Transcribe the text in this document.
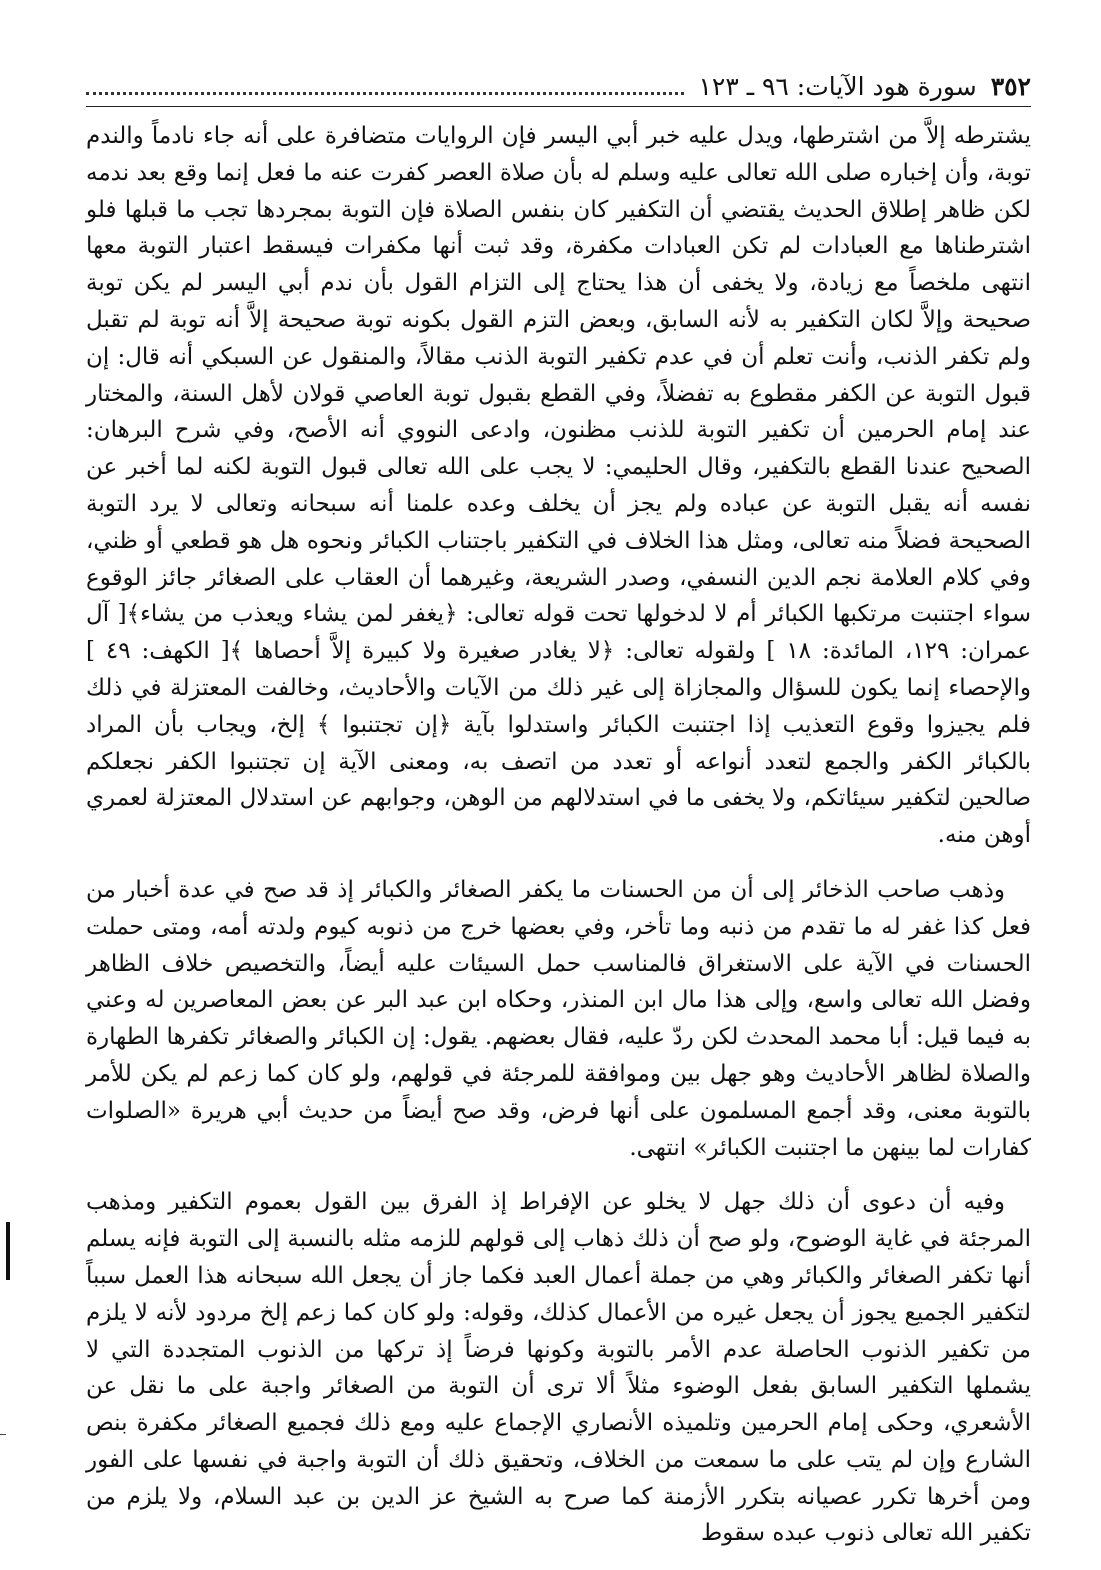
٣٥٢
سورة هود الآيات: ٩٦ ـ ١٢٣

يشترطه إلاَّ من اشترطها، ويدل عليه خبر أبي اليسر فإن الروايات متضافرة على أنه جاء نادماً والندم توبة، وأن إخباره صلى الله تعالى عليه وسلم له بأن صلاة العصر كفرت عنه ما فعل إنما وقع بعد ندمه لكن ظاهر إطلاق الحديث يقتضي أن التكفير كان بنفس الصلاة فإن التوبة بمجردها تجب ما قبلها فلو اشترطناها مع العبادات لم تكن العبادات مكفرة، وقد ثبت أنها مكفرات فيسقط اعتبار التوبة معها انتهى ملخصاً مع زيادة، ولا يخفى أن هذا يحتاج إلى التزام القول بأن ندم أبي اليسر لم يكن توبة صحيحة وإلاَّ لكان التكفير به لأنه السابق، وبعض التزم القول بكونه توبة صحيحة إلاَّ أنه توبة لم تقبل ولم تكفر الذنب، وأنت تعلم أن في عدم تكفير التوبة الذنب مقالاً، والمنقول عن السبكي أنه قال: إن قبول التوبة عن الكفر مقطوع به تفضلاً، وفي القطع بقبول توبة العاصي قولان لأهل السنة، والمختار عند إمام الحرمين أن تكفير التوبة للذنب مظنون، وادعى النووي أنه الأصح، وفي شرح البرهان: الصحيح عندنا القطع بالتكفير، وقال الحليمي: لا يجب على الله تعالى قبول التوبة لكنه لما أخبر عن نفسه أنه يقبل التوبة عن عباده ولم يجز أن يخلف وعده علمنا أنه سبحانه وتعالى لا يرد التوبة الصحيحة فضلاً منه تعالى، ومثل هذا الخلاف في التكفير باجتناب الكبائر ونحوه هل هو قطعي أو ظني، وفي كلام العلامة نجم الدين النسفي، وصدر الشريعة، وغيرهما أن العقاب على الصغائر جائز الوقوع سواء اجتنبت مرتكبها الكبائر أم لا لدخولها تحت قوله تعالى: ﴿يغفر لمن يشاء ويعذب من يشاء﴾[ آل عمران: ١٢٩، المائدة: ١٨ ] ولقوله تعالى: ﴿لا يغادر صغيرة ولا كبيرة إلاَّ أحصاها ﴾[ الكهف: ٤٩ ] والإحصاء إنما يكون للسؤال والمجازاة إلى غير ذلك من الآيات والأحاديث، وخالفت المعتزلة في ذلك فلم يجيزوا وقوع التعذيب إذا اجتنبت الكبائر واستدلوا بآية ﴿إن تجتنبوا ﴾ إلخ، ويجاب بأن المراد بالكبائر الكفر والجمع لتعدد أنواعه أو تعدد من اتصف به، ومعنى الآية إن تجتنبوا الكفر نجعلكم صالحين لتكفير سيئاتكم، ولا يخفى ما في استدلالهم من الوهن، وجوابهم عن استدلال المعتزلة لعمري أوهن منه.

وذهب صاحب الذخائر إلى أن من الحسنات ما يكفر الصغائر والكبائر إذ قد صح في عدة أخبار من فعل كذا غفر له ما تقدم من ذنبه وما تأخر، وفي بعضها خرج من ذنوبه كيوم ولدته أمه، ومتى حملت الحسنات في الآية على الاستغراق فالمناسب حمل السيئات عليه أيضاً، والتخصيص خلاف الظاهر وفضل الله تعالى واسع، وإلى هذا مال ابن المنذر، وحكاه ابن عبد البر عن بعض المعاصرين له وعني به فيما قيل: أبا محمد المحدث لكن ردّ عليه، فقال بعضهم. يقول: إن الكبائر والصغائر تكفرها الطهارة والصلاة لظاهر الأحاديث وهو جهل بين وموافقة للمرجئة في قولهم، ولو كان كما زعم لم يكن للأمر بالتوبة معنى، وقد أجمع المسلمون على أنها فرض، وقد صح أيضاً من حديث أبي هريرة «الصلوات كفارات لما بينهن ما اجتنبت الكبائر» انتهى.

وفيه أن دعوى أن ذلك جهل لا يخلو عن الإفراط إذ الفرق بين القول بعموم التكفير ومذهب المرجئة في غاية الوضوح، ولو صح أن ذلك ذهاب إلى قولهم للزمه مثله بالنسبة إلى التوبة فإنه يسلم أنها تكفر الصغائر والكبائر وهي من جملة أعمال العبد فكما جاز أن يجعل الله سبحانه هذا العمل سبباً لتكفير الجميع يجوز أن يجعل غيره من الأعمال كذلك، وقوله: ولو كان كما زعم إلخ مردود لأنه لا يلزم من تكفير الذنوب الحاصلة عدم الأمر بالتوبة وكونها فرضاً إذ تركها من الذنوب المتجددة التي لا يشملها التكفير السابق بفعل الوضوء مثلاً ألا ترى أن التوبة من الصغائر واجبة على ما نقل عن الأشعري، وحكى إمام الحرمين وتلميذه الأنصاري الإجماع عليه ومع ذلك فجميع الصغائر مكفرة بنص الشارع وإن لم يتب على ما سمعت من الخلاف، وتحقيق ذلك أن التوبة واجبة في نفسها على الفور ومن أخرها تكرر عصيانه بتكرر الأزمنة كما صرح به الشيخ عز الدين بن عبد السلام، ولا يلزم من تكفير الله تعالى ذنوب عبده سقوط
